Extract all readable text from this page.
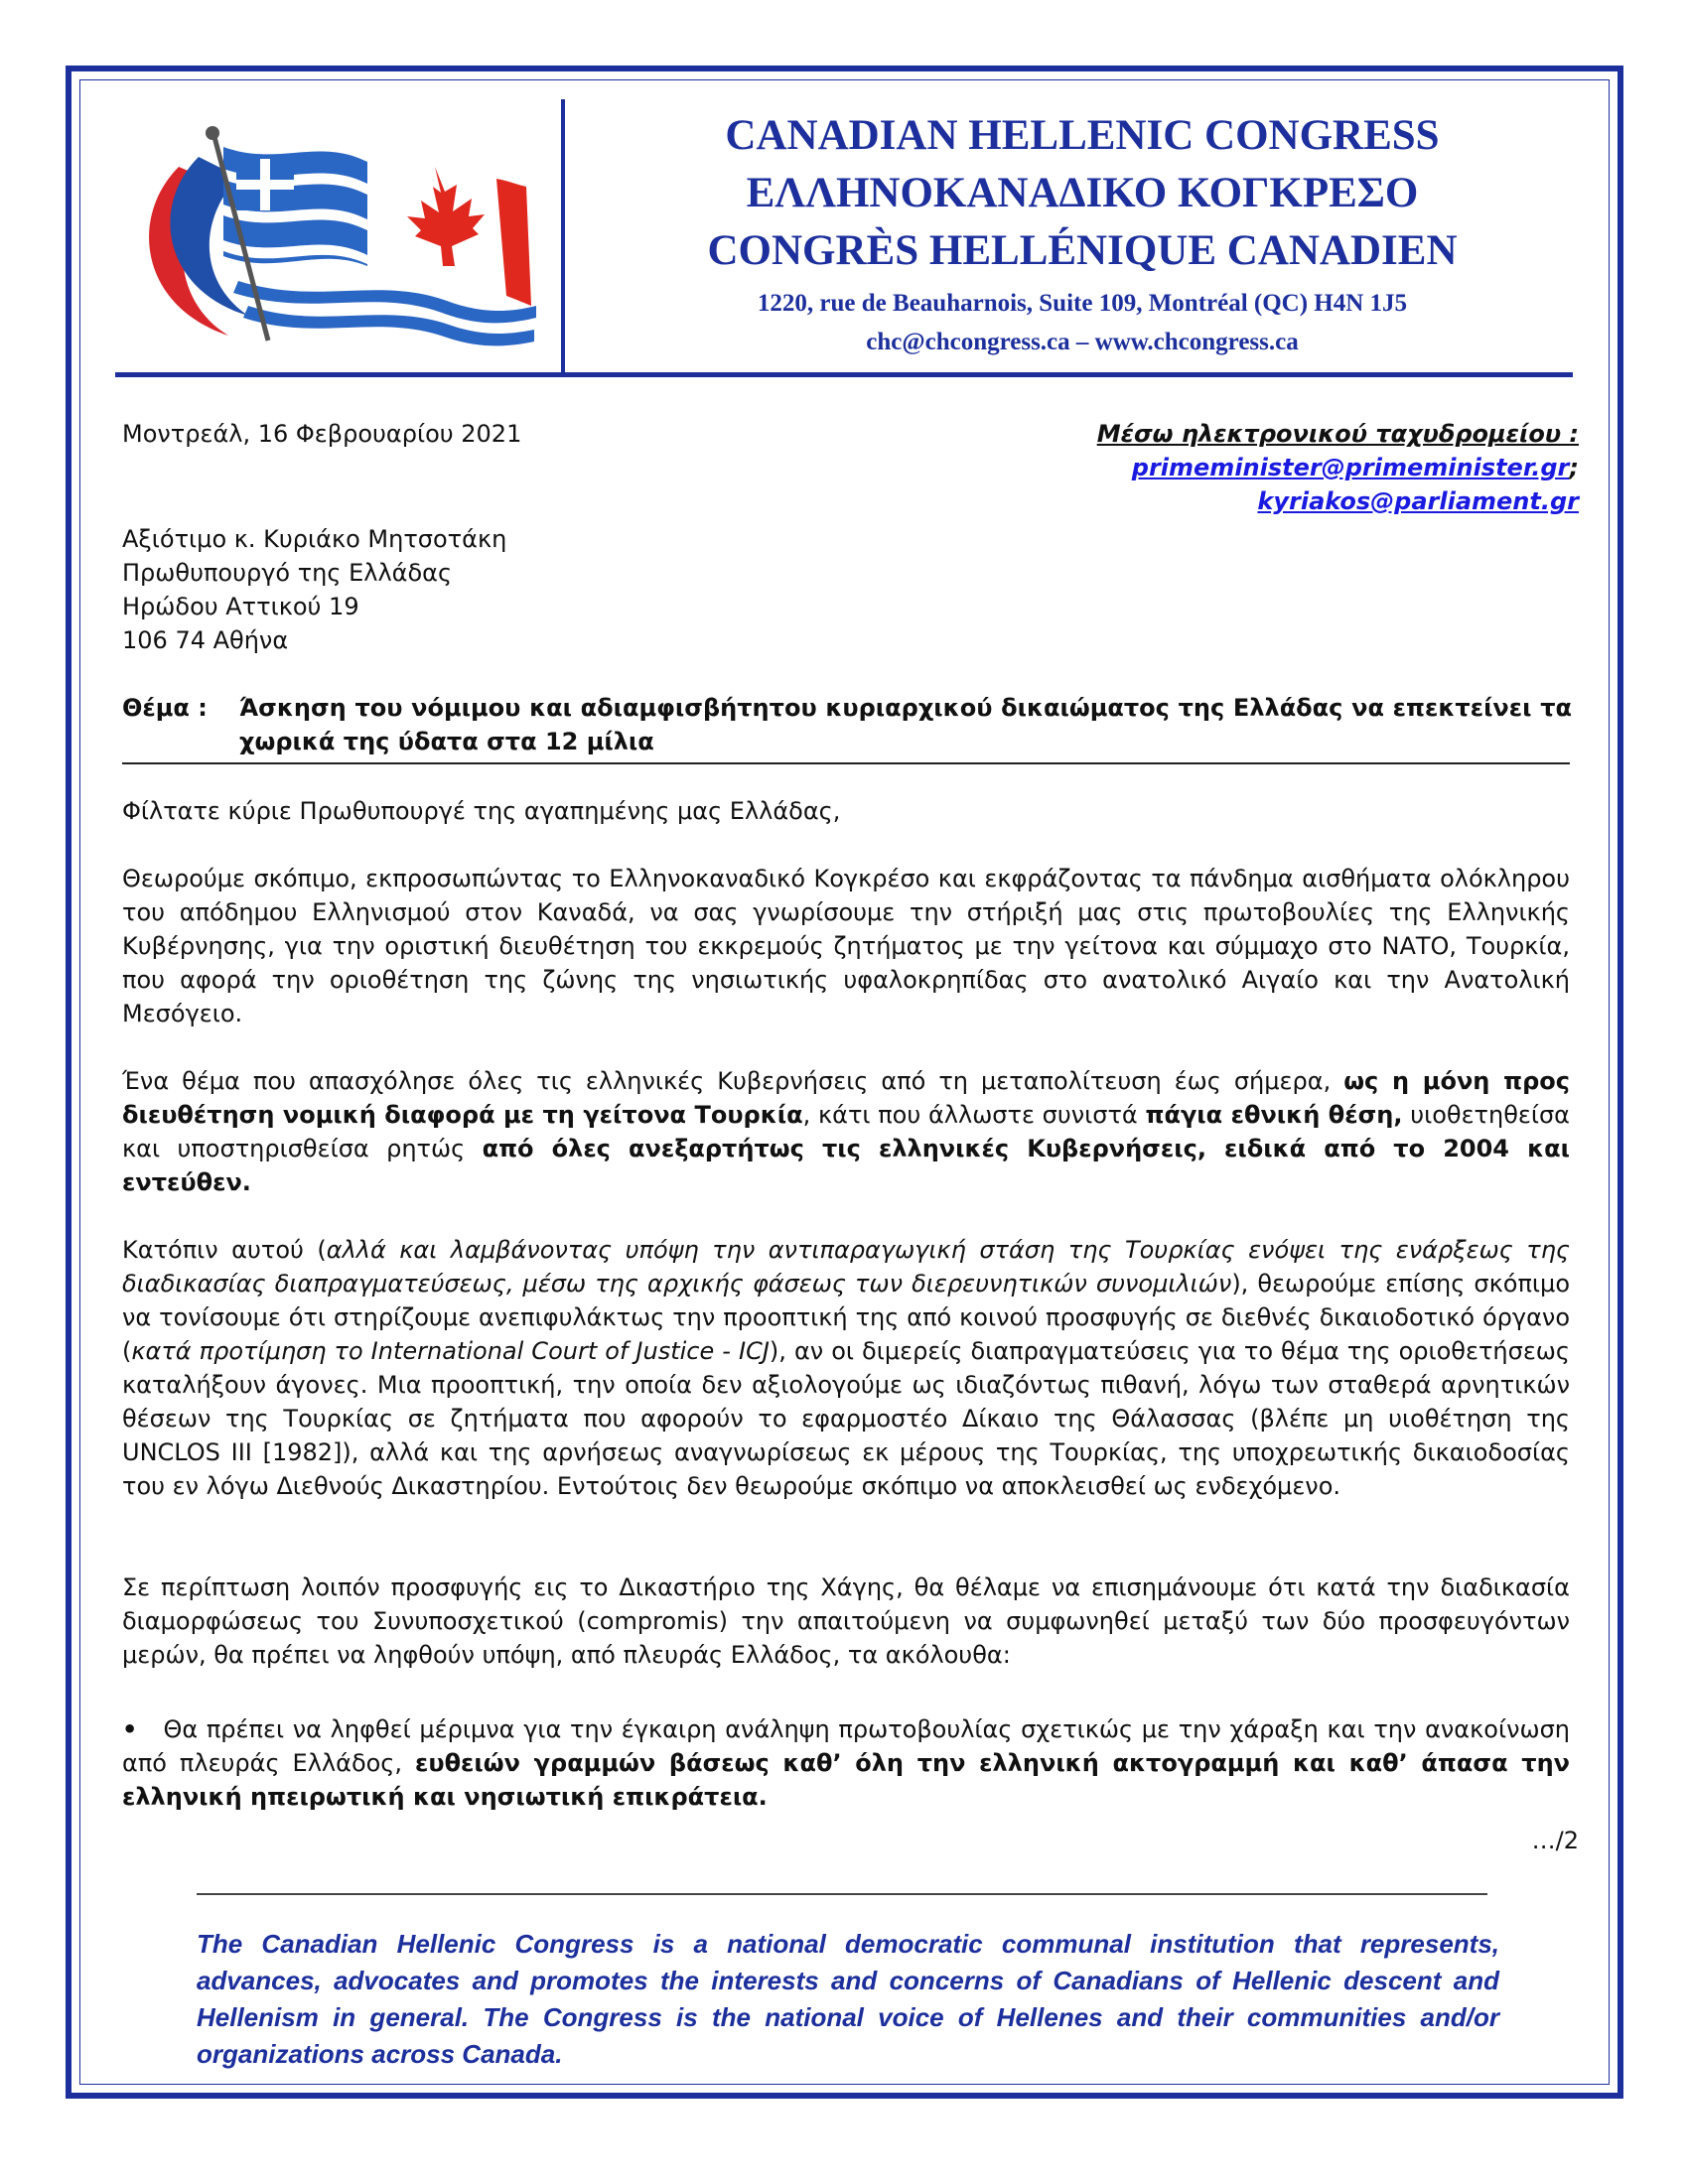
CANADIAN HELLENIC CONGRESS
ΕΛΛΗΝΟΚΑΝΑΔΙΚΟ ΚΟΓΚΡΕΣΟ
CONGRÈS HELLÉNIQUE CANADIEN
1220, rue de Beauharnois, Suite 109, Montréal (QC) H4N 1J5
chc@chcongress.ca – www.chcongress.ca
Μοντρεάλ, 16 Φεβρουαρίου 2021	Μέσω ηλεκτρονικού ταχυδρομείου :
primeminister@primeminister.gr;
kyriakos@parliament.gr
Αξιότιμο κ. Κυριάκο Μητσοτάκη
Πρωθυπουργό της Ελλάδας
Ηρώδου Αττικού 19
106 74 Αθήνα
Θέμα : Άσκηση του νόμιμου και αδιαμφισβήτητου κυριαρχικού δικαιώματος της Ελλάδας να επεκτείνει τα χωρικά της ύδατα στα 12 μίλια
Φίλτατε κύριε Πρωθυπουργέ της αγαπημένης μας Ελλάδας,
Θεωρούμε σκόπιμο, εκπροσωπώντας το Ελληνοκαναδικό Κογκρέσο και εκφράζοντας τα πάνδημα αισθήματα ολόκληρου του απόδημου Ελληνισμού στον Καναδά, να σας γνωρίσουμε την στήριξή μας στις πρωτοβουλίες της Ελληνικής Κυβέρνησης, για την οριστική διευθέτηση του εκκρεμούς ζητήματος με την γείτονα και σύμμαχο στο ΝΑΤΟ, Τουρκία, που αφορά την οριοθέτηση της ζώνης της νησιωτικής υφαλοκρηπίδας στο ανατολικό Αιγαίο και την Ανατολική Μεσόγειο.
Ένα θέμα που απασχόλησε όλες τις ελληνικές Κυβερνήσεις από τη μεταπολίτευση έως σήμερα, ως η μόνη προς διευθέτηση νομική διαφορά με τη γείτονα Τουρκία, κάτι που άλλωστε συνιστά πάγια εθνική θέση, υιοθετηθείσα και υποστηρισθείσα ρητώς από όλες ανεξαρτήτως τις ελληνικές Κυβερνήσεις, ειδικά από το 2004 και εντεύθεν.
Κατόπιν αυτού (αλλά και λαμβάνοντας υπόψη την αντιπαραγωγική στάση της Τουρκίας ενόψει της ενάρξεως της διαδικασίας διαπραγματεύσεως, μέσω της αρχικής φάσεως των διερευνητικών συνομιλιών), θεωρούμε επίσης σκόπιμο να τονίσουμε ότι στηρίζουμε ανεπιφυλάκτως την προοπτική της από κοινού προσφυγής σε διεθνές δικαιοδοτικό όργανο (κατά προτίμηση το International Court of Justice - ICJ), αν οι διμερείς διαπραγματεύσεις για το θέμα της οριοθετήσεως καταλήξουν άγονες. Μια προοπτική, την οποία δεν αξιολογούμε ως ιδιαζόντως πιθανή, λόγω των σταθερά αρνητικών θέσεων της Τουρκίας σε ζητήματα που αφορούν το εφαρμοστέο Δίκαιο της Θάλασσας (βλέπε μη υιοθέτηση της UNCLOS III [1982]), αλλά και της αρνήσεως αναγνωρίσεως εκ μέρους της Τουρκίας, της υποχρεωτικής δικαιοδοσίας του εν λόγω Διεθνούς Δικαστηρίου. Εντούτοις δεν θεωρούμε σκόπιμο να αποκλεισθεί ως ενδεχόμενο.
Σε περίπτωση λοιπόν προσφυγής εις το Δικαστήριο της Χάγης, θα θέλαμε να επισημάνουμε ότι κατά την διαδικασία διαμορφώσεως του Συνυποσχετικού (compromis) την απαιτούμενη να συμφωνηθεί μεταξύ των δύο προσφευγόντων μερών, θα πρέπει να ληφθούν υπόψη, από πλευράς Ελλάδος, τα ακόλουθα:
• Θα πρέπει να ληφθεί μέριμνα για την έγκαιρη ανάληψη πρωτοβουλίας σχετικώς με την χάραξη και την ανακοίνωση από πλευράς Ελλάδος, ευθειών γραμμών βάσεως καθ’ όλη την ελληνική ακτογραμμή και καθ’ άπασα την ελληνική ηπειρωτική και νησιωτική επικράτεια.
…/2
The Canadian Hellenic Congress is a national democratic communal institution that represents, advances, advocates and promotes the interests and concerns of Canadians of Hellenic descent and Hellenism in general. The Congress is the national voice of Hellenes and their communities and/or organizations across Canada.
